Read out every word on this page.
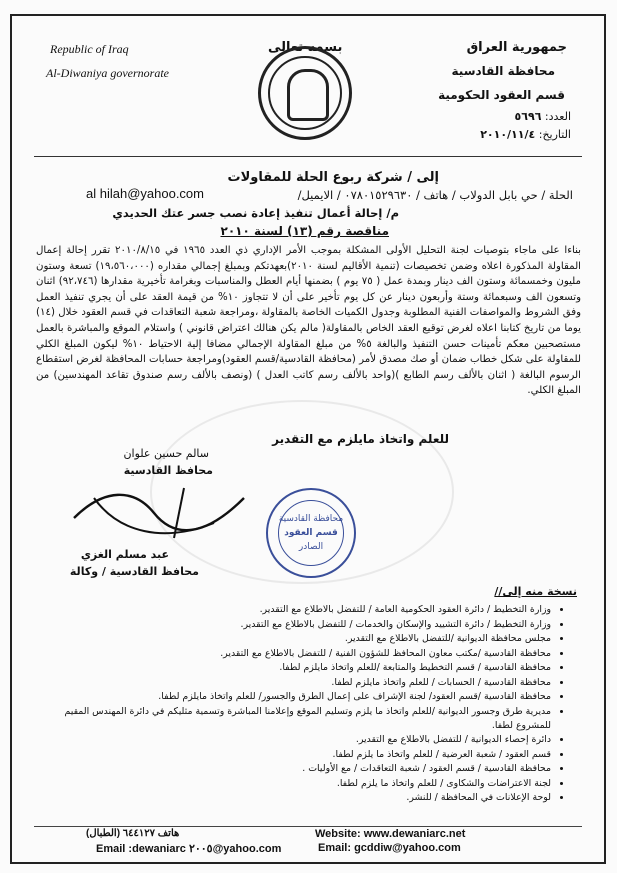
Republic of Iraq
Al-Diwaniya governorate
بسمه تعالى	جمهورية العراق
محافظة القادسية
قسم العقود الحكومية
العدد: ٥٦٩٦
التاريخ: ٢٠١٠/١١/٤
إلى / شركة ربوع الحلة للمقاولات
الحلة / حي بابل الدولاب / هاتف / ٠٧٨٠١٥٢٩٦٣٠ / الايميل/
al hilah@yahoo.com
م/ إحالة أعمال تنفيذ إعادة نصب جسر عتك الحديدي
مناقصة رقم (١٣) لسنة ٢٠١٠
بناءا على ماجاء بتوصيات لجنة التحليل الأولى المشكلة بموجب الأمر الإداري ذي العدد ١٩٦٥ في ٢٠١٠/٨/١٥ تقرر إحالة إعمال المقاولة المذكورة اعلاه وضمن تخصيصات (تنمية الأقاليم لسنة ٢٠١٠)بعهدتكم وبمبلغ إجمالي مقداره (١٩،٥٦٠،٠٠٠) تسعة وستون مليون وخمسمائة وستون الف دينار وبمدة عمل ( ٧٥ يوم ) بضمنها أيام العطل والمناسبات وبغرامة تأخيرية مقدارها (٩٢،٧٤٦) اثنان وتسعون الف وسبعمائة وستة وأربعون دينار عن كل يوم تأخير على أن لا تتجاوز ١٠% من قيمة العقد على أن يجري تنفيذ العمل وفق الشروط والمواصفات الفنية المطلوبة وجدول الكميات الخاصة بالمقاولة ،ومراجعة شعبة التعاقدات في قسم العقود خلال (١٤) يوما من تاريخ كتابنا اعلاه لغرض توقيع العقد الخاص بالمقاولة( مالم يكن هنالك اعتراض قانوني ) واستلام الموقع والمباشرة بالعمل مستصحبين معكم تأمينات حسن التنفيذ والبالغة ٥% من مبلغ المقاولة الإجمالي مضافا إلية الاحتياط ١٠% ليكون المبلغ الكلي للمقاولة على شكل خطاب ضمان أو صك مصدق لأمر (محافظة القادسية/قسم العقود)ومراجعة حسابات المحافظة لغرض استقطاع الرسوم البالغة ( اثنان بالألف رسم الطابع )(واحد بالألف رسم كاتب العدل ) (ونصف بالألف رسم صندوق تقاعد المهندسين) من المبلغ الكلي.
للعلم واتخاذ مايلزم مع التقدير
سالم حسين علوان
محافظ القادسية
محافظة القادسية
قسم العقود
الصادر
عبد مسلم الغزي
محافظ القادسية / وكالة
نسخة منه إلى//
• وزارة التخطيط / دائرة العقود الحكومية العامة / للتفضل بالاطلاع مع التقدير.
• وزارة التخطيط / دائرة التشييد والإسكان والخدمات / للتفضل بالاطلاع مع التقدير.
• مجلس محافظة الديوانية /للتفضل بالاطلاع مع التقدير.
• محافظة القادسية /مكتب معاون المحافظ للشؤون الفنية / للتفضل بالاطلاع مع التقدير.
• محافظة القادسية / قسم التخطيط والمتابعة /للعلم واتخاذ مايلزم لطفا.
• محافظة القادسية / الحسابات / للعلم واتخاذ مايلزم لطفا.
• محافظة القادسية /قسم العقود/ لجنة الإشراف على إعمال الطرق والجسور/ للعلم واتخاذ مايلزم لطفا.
• مديرية طرق وجسور الديوانية /للعلم واتخاذ ما يلزم وتسليم الموقع وإعلامنا المباشرة وتسمية مثليكم في دائرة المهندس المقيم للمشروع لطفا.
• دائرة إحصاء الديوانية / للتفضل بالاطلاع مع التقدير.
• قسم العقود / شعبة العرضية / للعلم واتخاذ ما يلزم لطفا.
• محافظة القادسية / قسم العقود / شعبة التعاقدات / مع الأوليات .
• لجنة الاعتراضات والشكاوى / للعلم واتخاذ ما يلزم لطفا.
• لوحة الإعلانات في المحافظة / للنشر.
هاتف ٦٤٤١٢٧ (الطبال)	Website: www.dewaniarc.net
Email :dewaniarc ٢٠٠٥@yahoo.com	Email: gcddiw@yahoo.com
